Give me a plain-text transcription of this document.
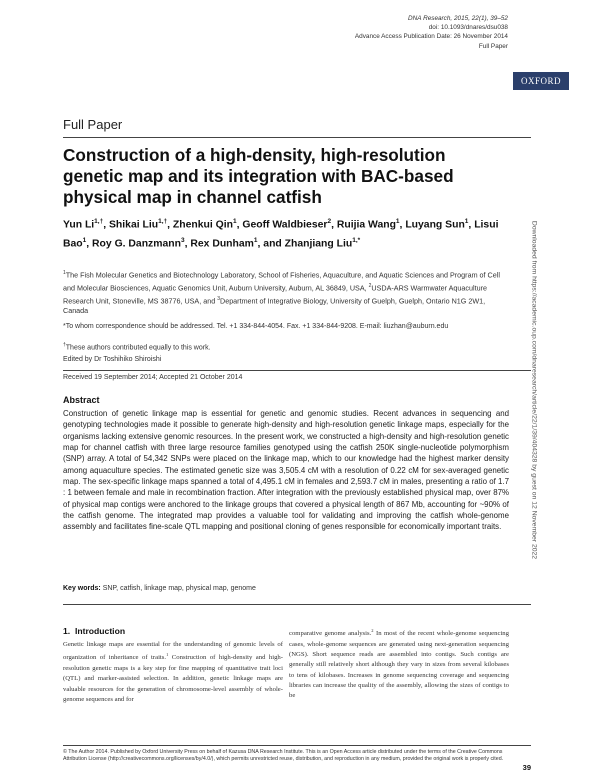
DNA Research, 2015, 22(1), 39–52
doi: 10.1093/dnares/dsu038
Advance Access Publication Date: 26 November 2014
Full Paper
OXFORD
Full Paper
Construction of a high-density, high-resolution genetic map and its integration with BAC-based physical map in channel catfish
Yun $Li^{1,\dagger}$, Shikai Liu$^{1,\dagger}$, Zhenkui Qin$^1$, Geoff Waldbieser$^2$, Ruijia Wang$^1$, Luyang Sun$^1$, Lisui Bao$^1$, Roy G. Danzmann$^3$, Rex Dunham$^1$, and Zhanjiang Liu$^{1,*}$
$^1$The Fish Molecular Genetics and Biotechnology Laboratory, School of Fisheries, Aquaculture, and Aquatic Sciences and Program of Cell and Molecular Biosciences, Aquatic Genomics Unit, Auburn University, Auburn, AL 36849, USA, $^2$USDA-ARS Warmwater Aquaculture Research Unit, Stoneville, MS 38776, USA, and $^3$Department of Integrative Biology, University of Guelph, Guelph, Ontario N1G 2W1, Canada
*To whom correspondence should be addressed. Tel. +1 334-844-4054. Fax. +1 334-844-9208. E-mail: liuzhan@auburn.edu
†These authors contributed equally to this work.
Edited by Dr Toshihiko Shiroishi
Received 19 September 2014; Accepted 21 October 2014
Abstract
Construction of genetic linkage map is essential for genetic and genomic studies. Recent advances in sequencing and genotyping technologies made it possible to generate high-density and high-resolution genetic linkage maps, especially for the organisms lacking extensive genomic resources. In the present work, we constructed a high-density and high-resolution genetic map for channel catfish with three large resource families genotyped using the catfish 250K single-nucleotide polymorphism (SNP) array. A total of 54,342 SNPs were placed on the linkage map, which to our knowledge had the highest marker density among aquaculture species. The estimated genetic size was 3,505.4 cM with a resolution of 0.22 cM for sex-averaged genetic map. The sex-specific linkage maps spanned a total of 4,495.1 cM in females and 2,593.7 cM in males, presenting a ratio of 1.7 : 1 between female and male in recombination fraction. After integration with the previously established physical map, over 87% of physical map contigs were anchored to the linkage groups that covered a physical length of 867 Mb, accounting for ~90% of the catfish genome. The integrated map provides a valuable tool for validating and improving the catfish whole-genome assembly and facilitates fine-scale QTL mapping and positional cloning of genes responsible for economically important traits.
Key words: SNP, catfish, linkage map, physical map, genome
1. Introduction
Genetic linkage maps are essential for the understanding of genomic levels of organization of inheritance of traits.$^1$ Construction of high-density and high-resolution genetic maps is a key step for fine mapping of quantitative trait loci (QTL) and marker-assisted selection. In addition, genetic linkage maps are valuable resources for the generation of chromosome-level assembly of whole-genome sequences and for
comparative genome analysis.$^2$ In most of the recent whole-genome sequencing cases, whole-genome sequences are generated using next-generation sequencing (NGS). Short sequence reads are assembled into contigs. Such contigs are generally still relatively short although they vary in sizes from several kilobases to tens of kilobases. Increases in genome sequencing coverage and sequencing libraries can increase the quality of the assembly, allowing the sizes of contigs to be
© The Author 2014. Published by Oxford University Press on behalf of Kazusa DNA Research Institute. This is an Open Access article distributed under the terms of the Creative Commons Attribution License (http://creativecommons.org/licenses/by/4.0/), which permits unrestricted reuse, distribution, and reproduction in any medium, provided the original work is properly cited.
39
Downloaded from https://academic.oup.com/dnaresearch/article/22/1/39/404328 by guest on 12 November 2022
